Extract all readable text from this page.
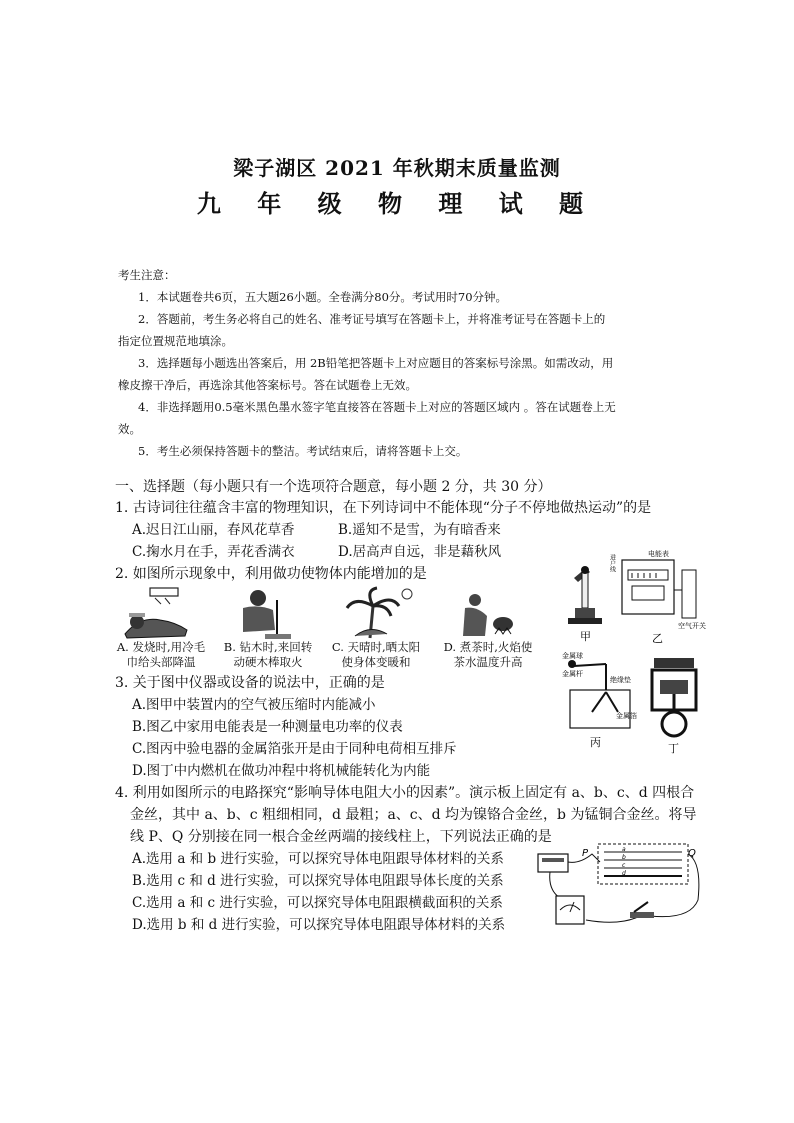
梁子湖区 2021 年秋期末质量监测
九 年 级 物 理 试 题
考生注意：
1．本试题卷共6页，五大题26小题。全卷满分80分。考试用时70分钟。
2．答题前，考生务必将自己的姓名、准考证号填写在答题卡上，并将准考证号在答题卡上的
指定位置规范地填涂。
3．选择题每小题选出答案后，用 2B铅笔把答题卡上对应题目的答案标号涂黑。如需改动，用
橡皮擦干净后，再选涂其他答案标号。答在试题卷上无效。
4．非选择题用0.5毫米黑色墨水签字笔直接答在答题卡上对应的答题区域内 。答在试题卷上无
效。
5．考生必须保持答题卡的整洁。考试结束后，请将答题卡上交。
一、选择题（每小题只有一个选项符合题意，每小题 2 分，共 30 分）
1. 古诗词往往蕴含丰富的物理知识，在下列诗词中不能体现“分子不停地做热运动”的是
A.迟日江山丽，春风花草香	B.遥知不是雪，为有暗香来
C.掬水月在手，弄花香满衣	D.居高声自远，非是藉秋风
2. 如图所示现象中，利用做功使物体内能增加的是
A. 发烧时,用冷毛
巾给头部降温
B. 钻木时,来回转
动硬木棒取火
C. 天晴时,晒太阳
使身体变暖和
D. 煮茶时,火焰使
茶水温度升高
甲
电能表
进户线
空气开关
乙
金属球
金属杆
绝缘垫
金属箔
丙	丁
3. 关于图中仪器或设备的说法中，正确的是
A.图甲中装置内的空气被压缩时内能减小
B.图乙中家用电能表是一种测量电功率的仪表
C.图丙中验电器的金属箔张开是由于同种电荷相互排斥
D.图丁中内燃机在做功冲程中将机械能转化为内能
4. 利用如图所示的电路探究“影响导体电阻大小的因素”。演示板上固定有 a、b、c、d 四根合
金丝，其中 a、b、c 粗细相同，d 最粗；a、c、d 均为镍铬合金丝，b 为锰铜合金丝。将导
线 P、Q 分别接在同一根合金丝两端的接线柱上，下列说法正确的是
A.选用 a 和 b 进行实验，可以探究导体电阻跟导体材料的关系
B.选用 c 和 d 进行实验，可以探究导体电阻跟导体长度的关系
C.选用 a 和 c 进行实验，可以探究导体电阻跟横截面积的关系
D.选用 b 和 d 进行实验，可以探究导体电阻跟导体材料的关系
a
b
c
d
P	Q
